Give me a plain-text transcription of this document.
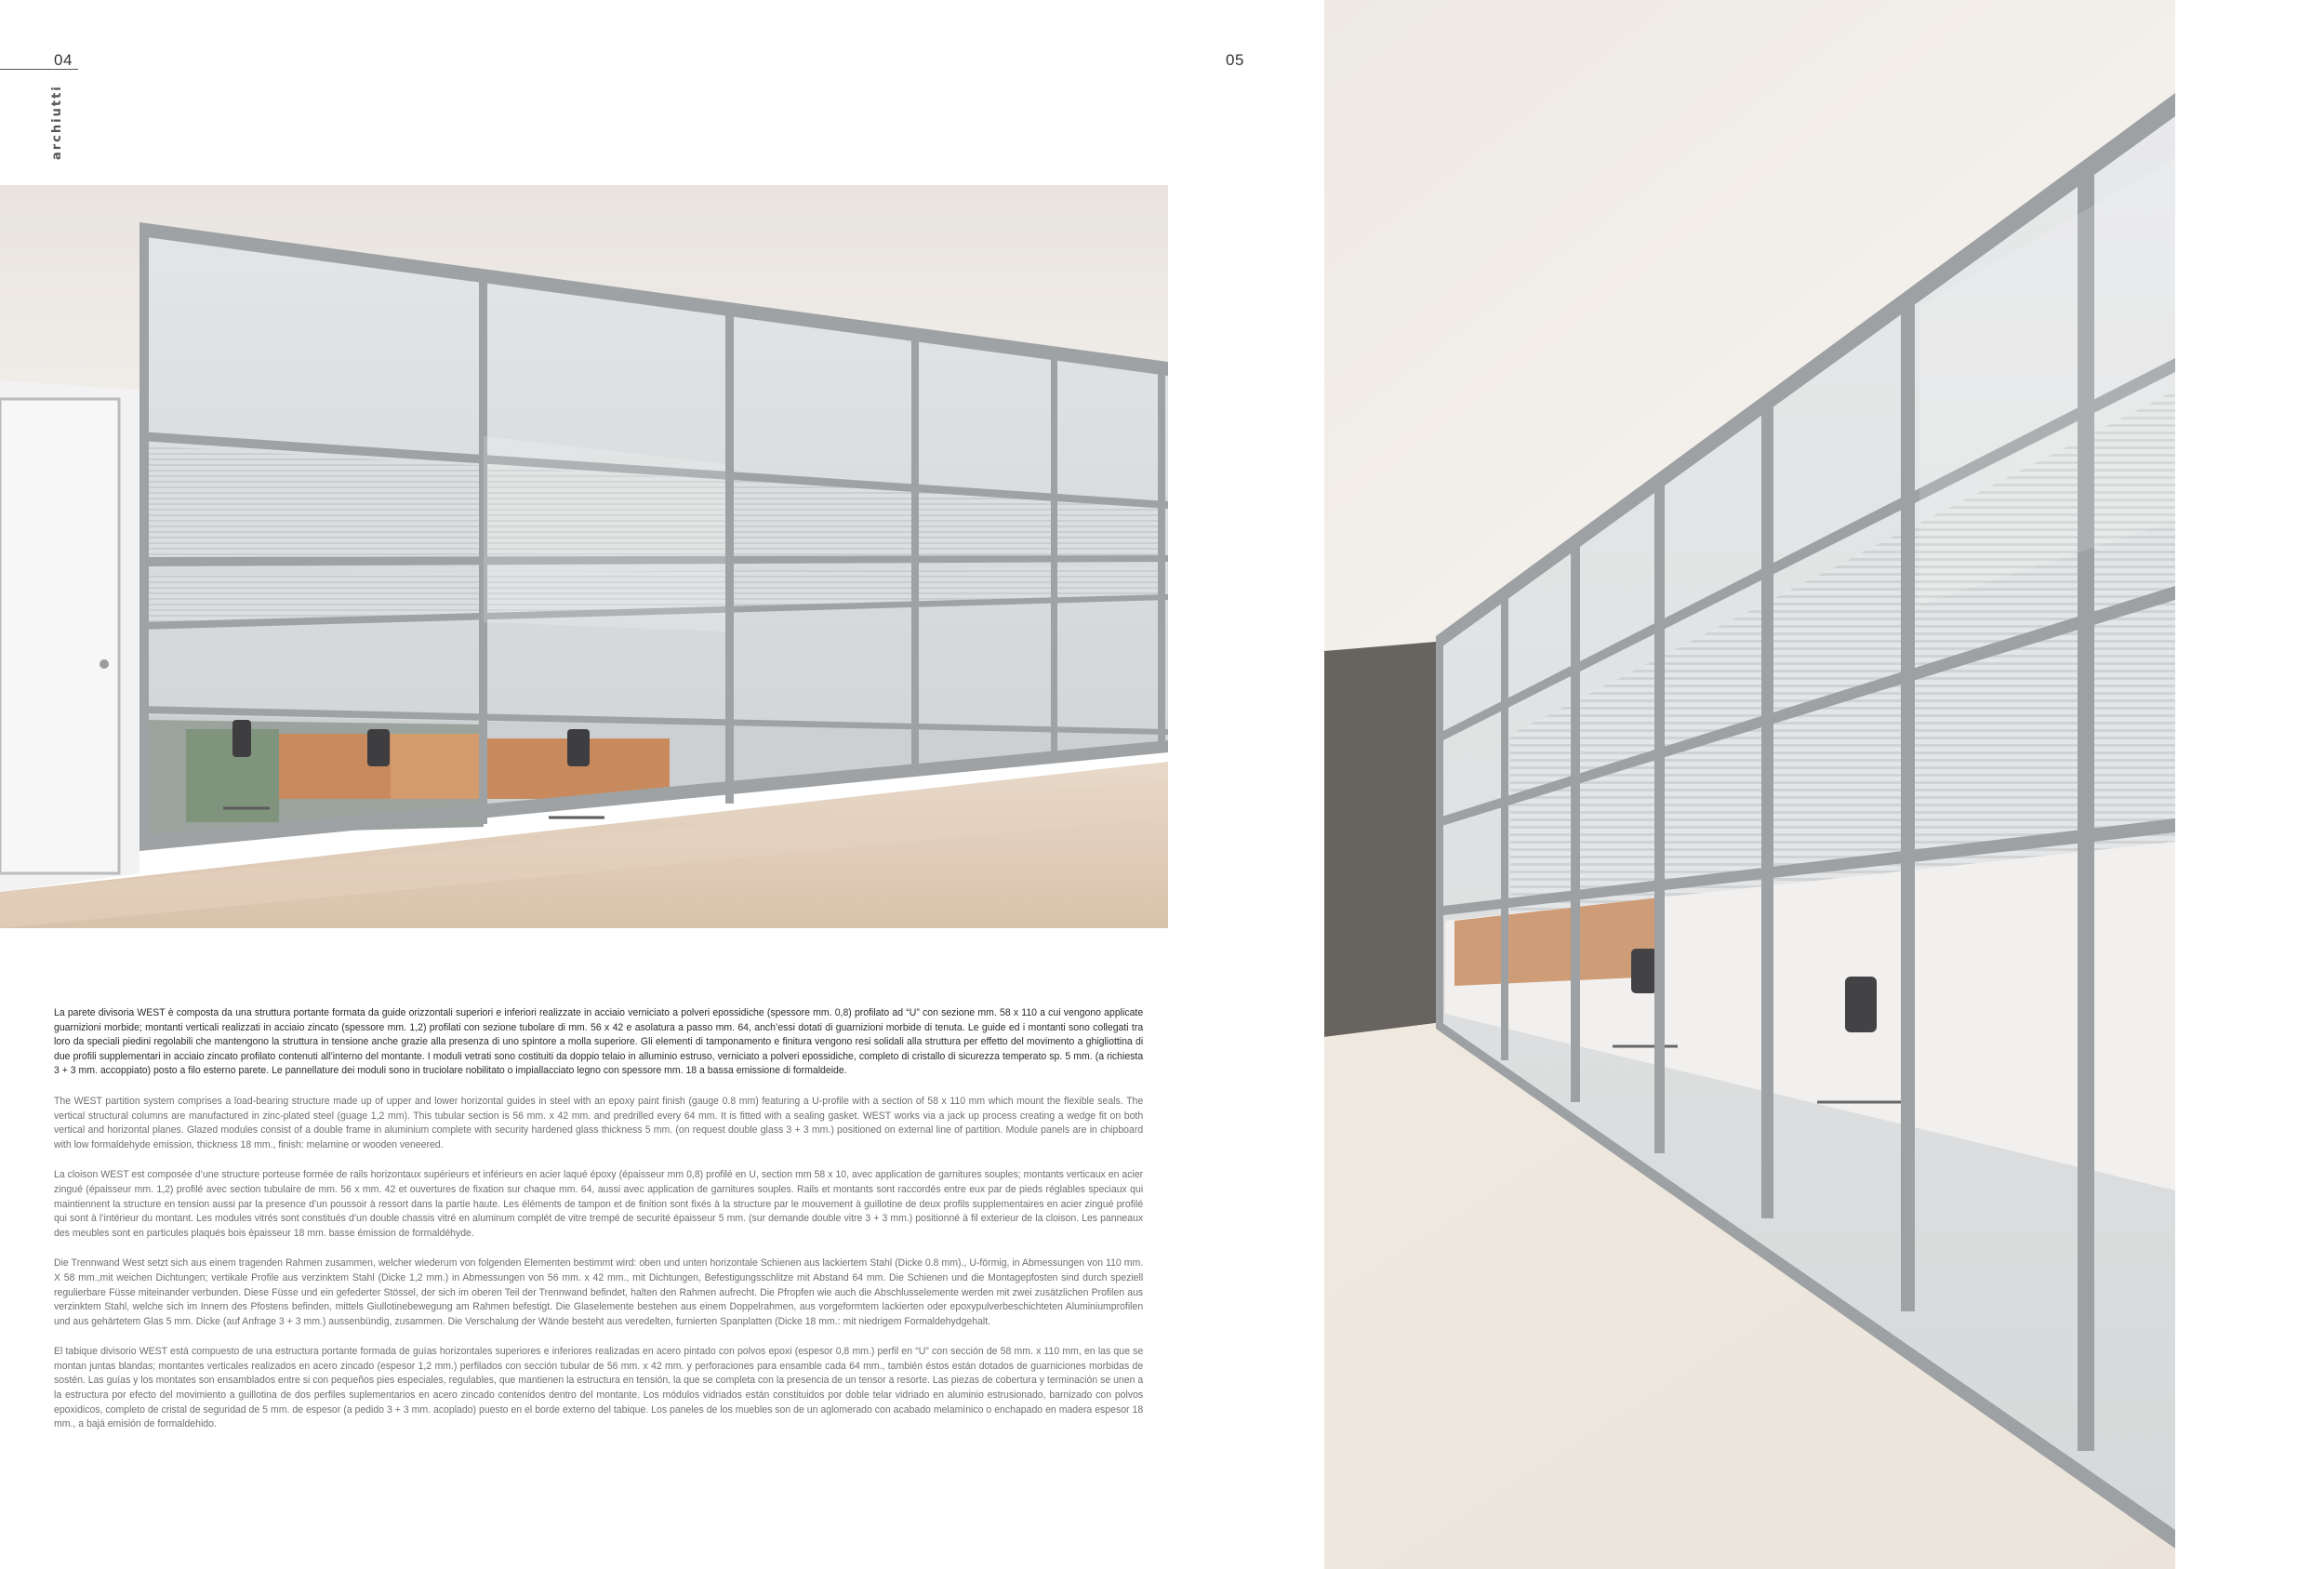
04
archiutti
05

La parete divisoria WEST è composta da una struttura portante formata da guide orizzontali superiori e inferiori realizzate in acciaio verniciato a polveri epossidiche (spessore mm. 0,8) profilato ad “U” con sezione mm. 58 x 110 a cui vengono applicate guarnizioni morbide; montanti verticali realizzati in acciaio zincato (spessore mm. 1,2) profilati con sezione tubolare di mm. 56 x 42 e asolatura a passo mm. 64, anch’essi dotati di guarnizioni morbide di tenuta. Le guide ed i montanti sono collegati tra loro da speciali piedini regolabili che mantengono la struttura in tensione anche grazie alla presenza di uno spintore a molla superiore. Gli elementi di tamponamento e finitura vengono resi solidali alla struttura per effetto del movimento a ghigliottina di due profili supplementari in acciaio zincato profilato contenuti all’interno del montante. I moduli vetrati sono costituiti da doppio telaio in alluminio estruso, verniciato a polveri epossidiche, completo di cristallo di sicurezza temperato sp. 5 mm. (a richiesta 3 + 3 mm. accoppiato) posto a filo esterno parete. Le pannellature dei moduli sono in truciolare nobilitato o impiallacciato legno con spessore mm. 18 a bassa emissione di formaldeide.

The WEST partition system comprises a load-bearing structure made up of upper and lower horizontal guides in steel with an epoxy paint finish (gauge 0.8 mm) featuring a U-profile with a section of 58 x 110 mm which mount the flexible seals. The vertical structural columns are manufactured in zinc-plated steel (guage 1,2 mm). This tubular section is 56 mm. x 42 mm. and predrilled every 64 mm. It is fitted with a sealing gasket. WEST works via a jack up process creating a wedge fit on both vertical and horizontal planes. Glazed modules consist of a double frame in aluminium complete with security hardened glass thickness 5 mm. (on request double glass 3 + 3 mm.) positioned on external line of partition. Module panels are in chipboard with low formaldehyde emission, thickness 18 mm., finish: melamine or wooden veneered.

La cloison WEST est composée d’une structure porteuse formée de rails horizontaux supérieurs et inférieurs en acier laqué époxy (épaisseur mm 0,8) profilé en U, section mm 58 x 10, avec application de garnitures souples; montants verticaux en acier zingué (épaisseur mm. 1,2) profilé avec section tubulaire de mm. 56 x mm. 42 et ouvertures de fixation sur chaque mm. 64, aussi avec application de garnitures souples. Rails et montants sont raccordés entre eux par de pieds réglables speciaux qui maintiennent la structure en tension aussi par la presence d’un poussoir à ressort dans la partie haute. Les éléments de tampon et de finition sont fixés à la structure par le mouvement à guillotine de deux profils supplementaires en acier zingué profilé qui sont à l’intérieur du montant. Les modules vitrés sont constitués d’un double chassis vitré en aluminum complét de vitre trempé de securité épaisseur 5 mm. (sur demande double vitre 3 + 3 mm.) positionné à fil exterieur de la cloison. Les panneaux des meubles sont en particules plaqués bois épaisseur 18 mm. basse émission de formaldéhyde.

Die Trennwand West setzt sich aus einem tragenden Rahmen zusammen, welcher wiederum von folgenden Elementen bestimmt wird: oben und unten horizontale Schienen aus lackiertem Stahl (Dicke 0.8 mm)., U-förmig, in Abmessungen von 110 mm. X 58 mm.,mit weichen Dichtungen; vertikale Profile aus verzinktem Stahl (Dicke 1,2 mm.) in Abmessungen von 56 mm. x 42 mm., mit Dichtungen, Befestigungsschlitze mit Abstand 64 mm. Die Schienen und die Montagepfosten sind durch speziell regulierbare Füsse miteinander verbunden. Diese Füsse und ein gefederter Stössel, der sich im oberen Teil der Trennwand befindet, halten den Rahmen aufrecht. Die Pfropfen wie auch die Abschlusselemente werden mit zwei zusätzlichen Profilen aus verzinktem Stahl, welche sich im Innern des Pfostens befinden, mittels Giullotinebewegung am Rahmen befestigt. Die Glaselemente bestehen aus einem Doppelrahmen, aus vorgeformtem lackierten oder epoxypulverbeschichteten Aluminiumprofilen und aus gehärtetem Glas 5 mm. Dicke (auf Anfrage 3 + 3 mm.) aussenbündig, zusammen. Die Verschalung der Wände besteht aus veredelten, furnierten Spanplatten (Dicke 18 mm.: mit niedrigem Formaldehydgehalt.

El tabique divisorio WEST está compuesto de una estructura portante formada de guías horizontales superiores e inferiores realizadas en acero pintado con polvos epoxi (espesor 0,8 mm.) perfil en “U” con sección de 58 mm. x 110 mm, en las que se montan juntas blandas; montantes verticales realizados en acero zincado (espesor 1,2 mm.) perfilados con sección tubular de 56 mm. x 42 mm. y perforaciones para ensamble cada 64 mm., también éstos están dotados de guarniciones morbidas de sostén. Las guías y los montates son ensamblados entre si con pequeños pies especiales, regulables, que mantienen la estructura en tensión, la que se completa con la presencia de un tensor a resorte. Las piezas de cobertura y terminación se unen a la estructura por efecto del movimiento a guillotina de dos perfiles suplementarios en acero zincado contenidos dentro del montante. Los módulos vidriados están constituidos por doble telar vidriado en aluminio estrusionado, barnizado con polvos epoxidicos, completo de cristal de seguridad de 5 mm. de espesor (a pedido 3 + 3 mm. acoplado) puesto en el borde externo del tabique. Los paneles de los muebles son de un aglomerado con acabado melamínico o enchapado en madera espesor 18 mm., a bajá emisión de formaldehido.
